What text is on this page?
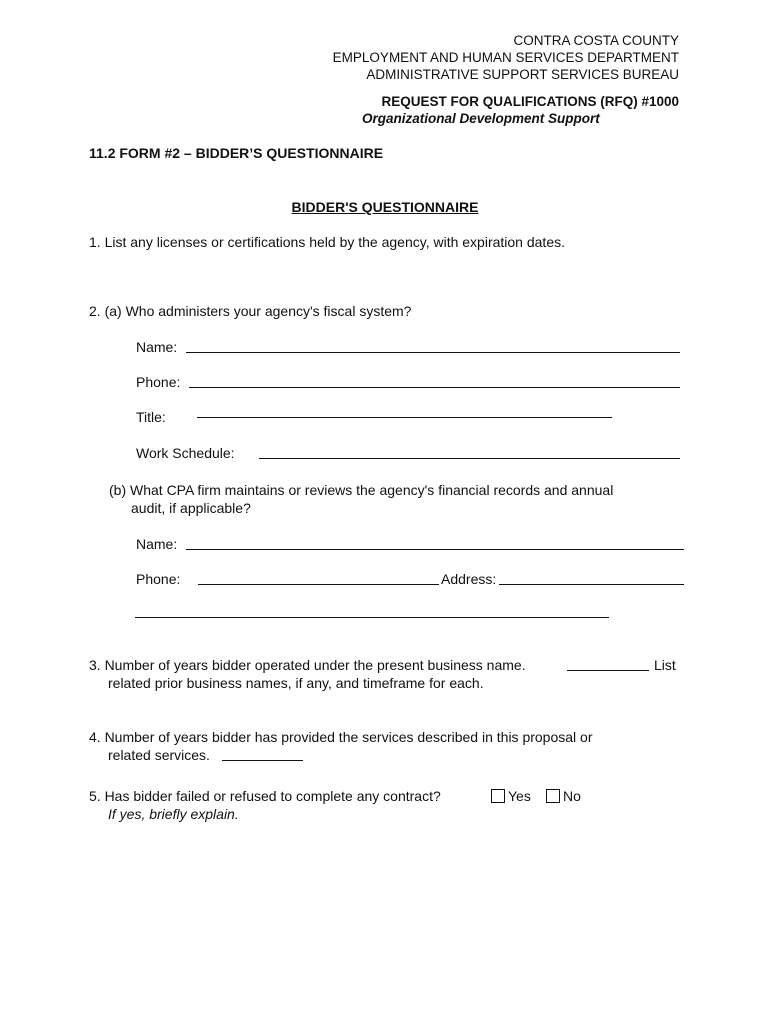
CONTRA COSTA COUNTY
EMPLOYMENT AND HUMAN SERVICES DEPARTMENT
ADMINISTRATIVE SUPPORT SERVICES BUREAU
REQUEST FOR QUALIFICATIONS (RFQ) #1000
Organizational Development Support
11.2 FORM #2 – BIDDER’S QUESTIONNAIRE
BIDDER'S QUESTIONNAIRE
1. List any licenses or certifications held by the agency, with expiration dates.
2. (a) Who administers your agency's fiscal system?
Name:
Phone:
Title:
Work Schedule:
(b) What CPA firm maintains or reviews the agency's financial records and annual
audit, if applicable?
Name:
Phone:	Address:
3. Number of years bidder operated under the present business name.	List
related prior business names, if any, and timeframe for each.
4. Number of years bidder has provided the services described in this proposal or
related services.
5. Has bidder failed or refused to complete any contract?	Yes	No
If yes, briefly explain.
